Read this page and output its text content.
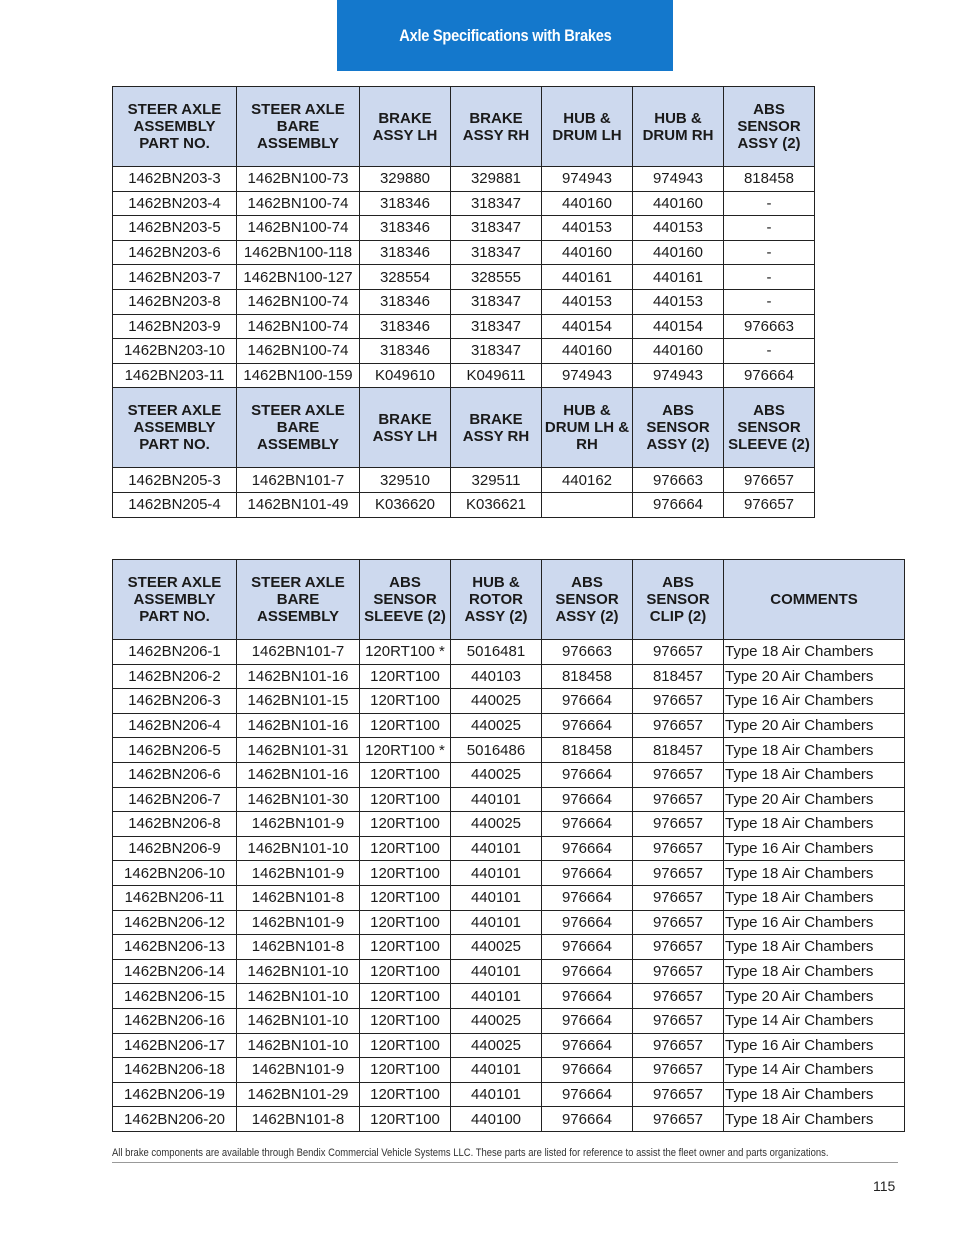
Axle Specifications with Brakes
STEER AXLE ASSEMBLY PART NO.	STEER AXLE BARE ASSEMBLY	BRAKE ASSY LH	BRAKE ASSY RH	HUB & DRUM LH	HUB & DRUM RH	ABS SENSOR ASSY (2)
1462BN203-3	1462BN100-73	329880	329881	974943	974943	818458
1462BN203-4	1462BN100-74	318346	318347	440160	440160	-
1462BN203-5	1462BN100-74	318346	318347	440153	440153	-
1462BN203-6	1462BN100-118	318346	318347	440160	440160	-
1462BN203-7	1462BN100-127	328554	328555	440161	440161	-
1462BN203-8	1462BN100-74	318346	318347	440153	440153	-
1462BN203-9	1462BN100-74	318346	318347	440154	440154	976663
1462BN203-10	1462BN100-74	318346	318347	440160	440160	-
1462BN203-11	1462BN100-159	K049610	K049611	974943	974943	976664
STEER AXLE ASSEMBLY PART NO.	STEER AXLE BARE ASSEMBLY	BRAKE ASSY LH	BRAKE ASSY RH	HUB & DRUM LH & RH	ABS SENSOR ASSY (2)	ABS SENSOR SLEEVE (2)
1462BN205-3	1462BN101-7	329510	329511	440162	976663	976657
1462BN205-4	1462BN101-49	K036620	K036621		976664	976657
STEER AXLE ASSEMBLY PART NO.	STEER AXLE BARE ASSEMBLY	ABS SENSOR SLEEVE (2)	HUB & ROTOR ASSY (2)	ABS SENSOR ASSY (2)	ABS SENSOR CLIP (2)	COMMENTS
1462BN206-1	1462BN101-7	120RT100 *	5016481	976663	976657	Type 18 Air Chambers
1462BN206-2	1462BN101-16	120RT100	440103	818458	818457	Type 20 Air Chambers
1462BN206-3	1462BN101-15	120RT100	440025	976664	976657	Type 16 Air Chambers
1462BN206-4	1462BN101-16	120RT100	440025	976664	976657	Type 20 Air Chambers
1462BN206-5	1462BN101-31	120RT100 *	5016486	818458	818457	Type 18 Air Chambers
1462BN206-6	1462BN101-16	120RT100	440025	976664	976657	Type 18 Air Chambers
1462BN206-7	1462BN101-30	120RT100	440101	976664	976657	Type 20 Air Chambers
1462BN206-8	1462BN101-9	120RT100	440025	976664	976657	Type 18 Air Chambers
1462BN206-9	1462BN101-10	120RT100	440101	976664	976657	Type 16 Air Chambers
1462BN206-10	1462BN101-9	120RT100	440101	976664	976657	Type 18 Air Chambers
1462BN206-11	1462BN101-8	120RT100	440101	976664	976657	Type 18 Air Chambers
1462BN206-12	1462BN101-9	120RT100	440101	976664	976657	Type 16 Air Chambers
1462BN206-13	1462BN101-8	120RT100	440025	976664	976657	Type 18 Air Chambers
1462BN206-14	1462BN101-10	120RT100	440101	976664	976657	Type 18 Air Chambers
1462BN206-15	1462BN101-10	120RT100	440101	976664	976657	Type 20 Air Chambers
1462BN206-16	1462BN101-10	120RT100	440025	976664	976657	Type 14 Air Chambers
1462BN206-17	1462BN101-10	120RT100	440025	976664	976657	Type 16 Air Chambers
1462BN206-18	1462BN101-9	120RT100	440101	976664	976657	Type 14 Air Chambers
1462BN206-19	1462BN101-29	120RT100	440101	976664	976657	Type 18 Air Chambers
1462BN206-20	1462BN101-8	120RT100	440100	976664	976657	Type 18 Air Chambers
All brake components are available through Bendix Commercial Vehicle Systems LLC. These parts are listed for reference to assist the fleet owner and parts organizations.
115
